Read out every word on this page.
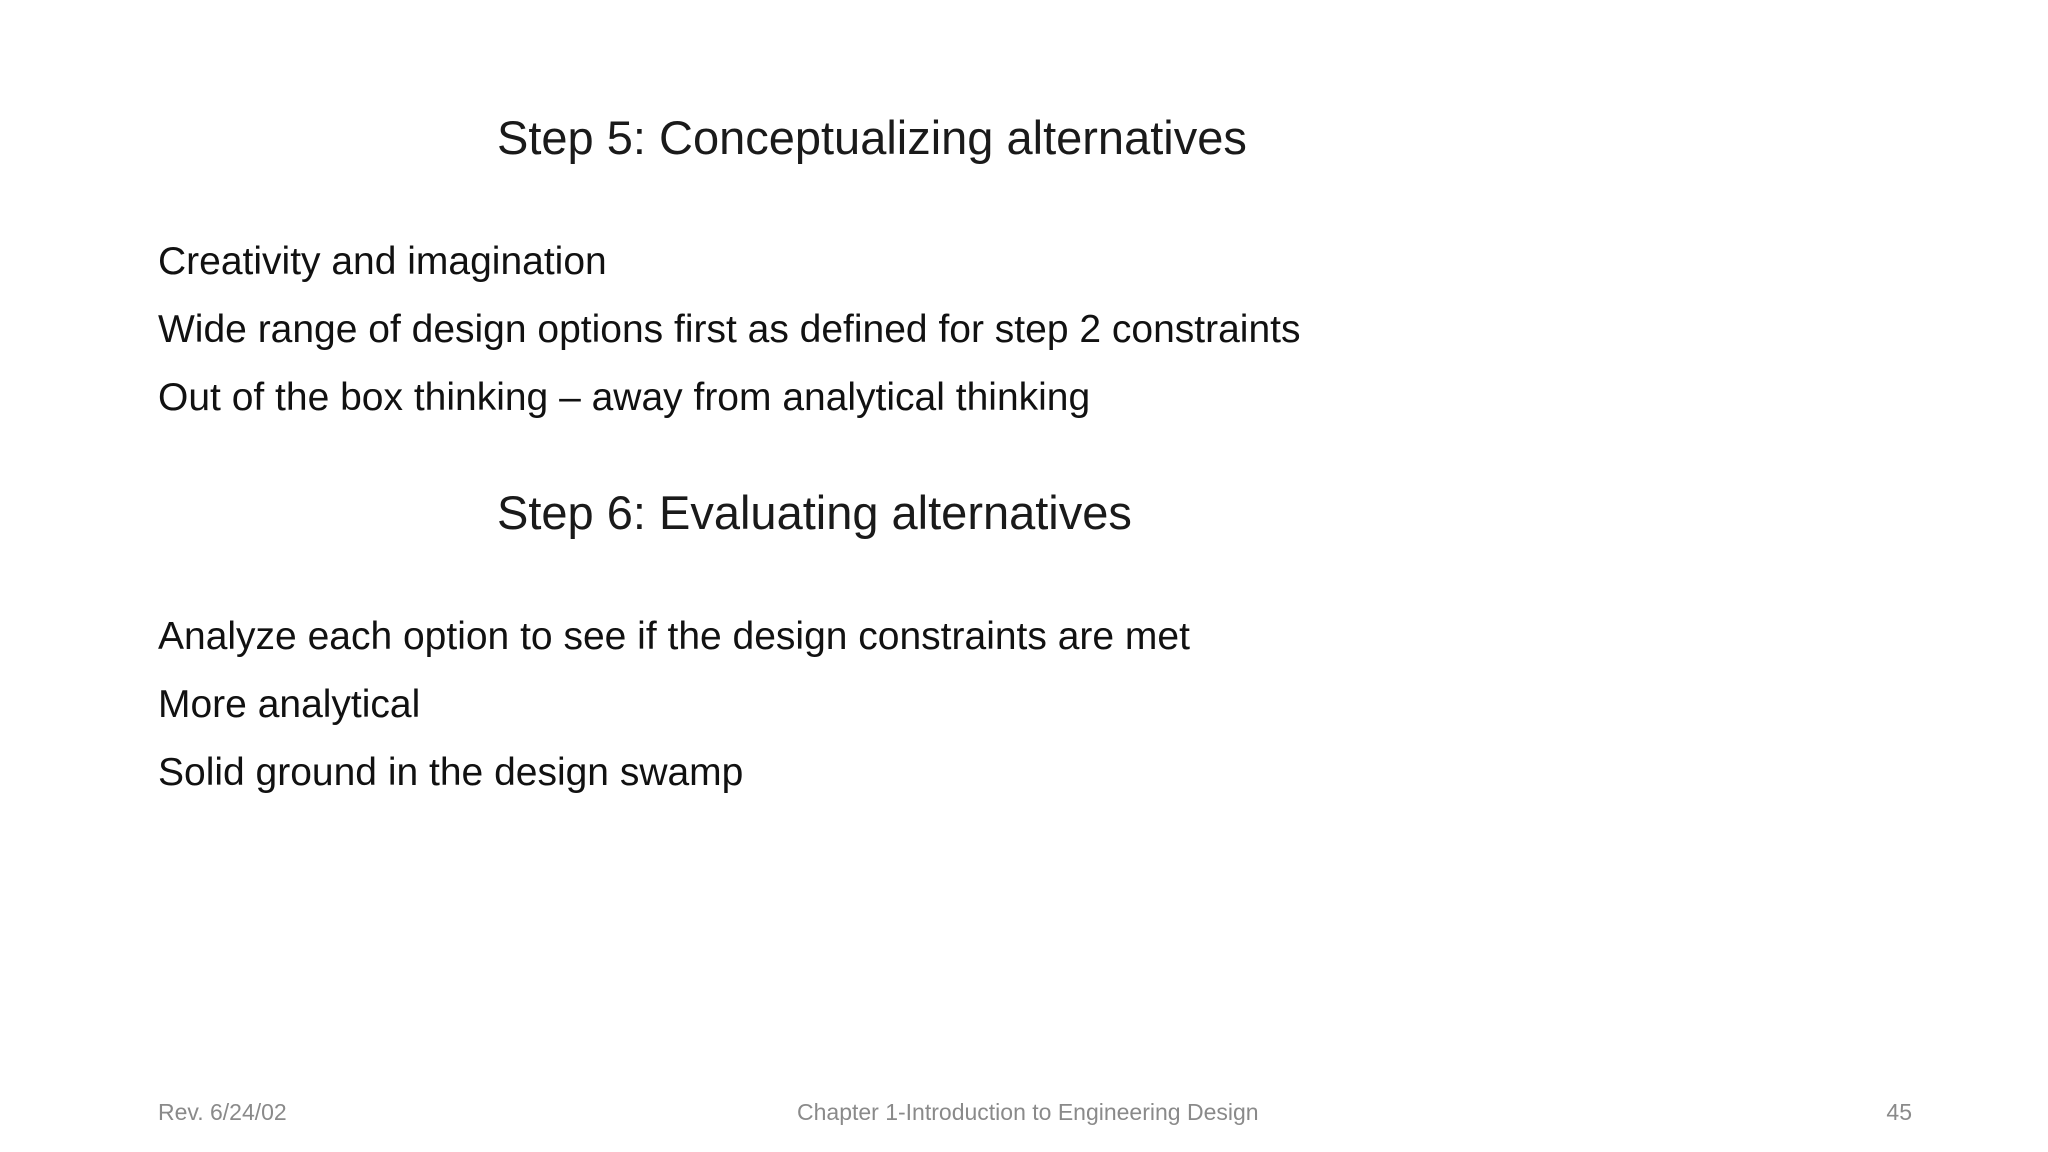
Step 5: Conceptualizing alternatives
Creativity and imagination
Wide range of design options first as defined for step 2 constraints
Out of the box thinking – away from analytical thinking
Step 6: Evaluating alternatives
Analyze each option to see if the design constraints are met
More analytical
Solid ground in the design swamp
Rev. 6/24/02	Chapter 1-Introduction to Engineering Design	45
